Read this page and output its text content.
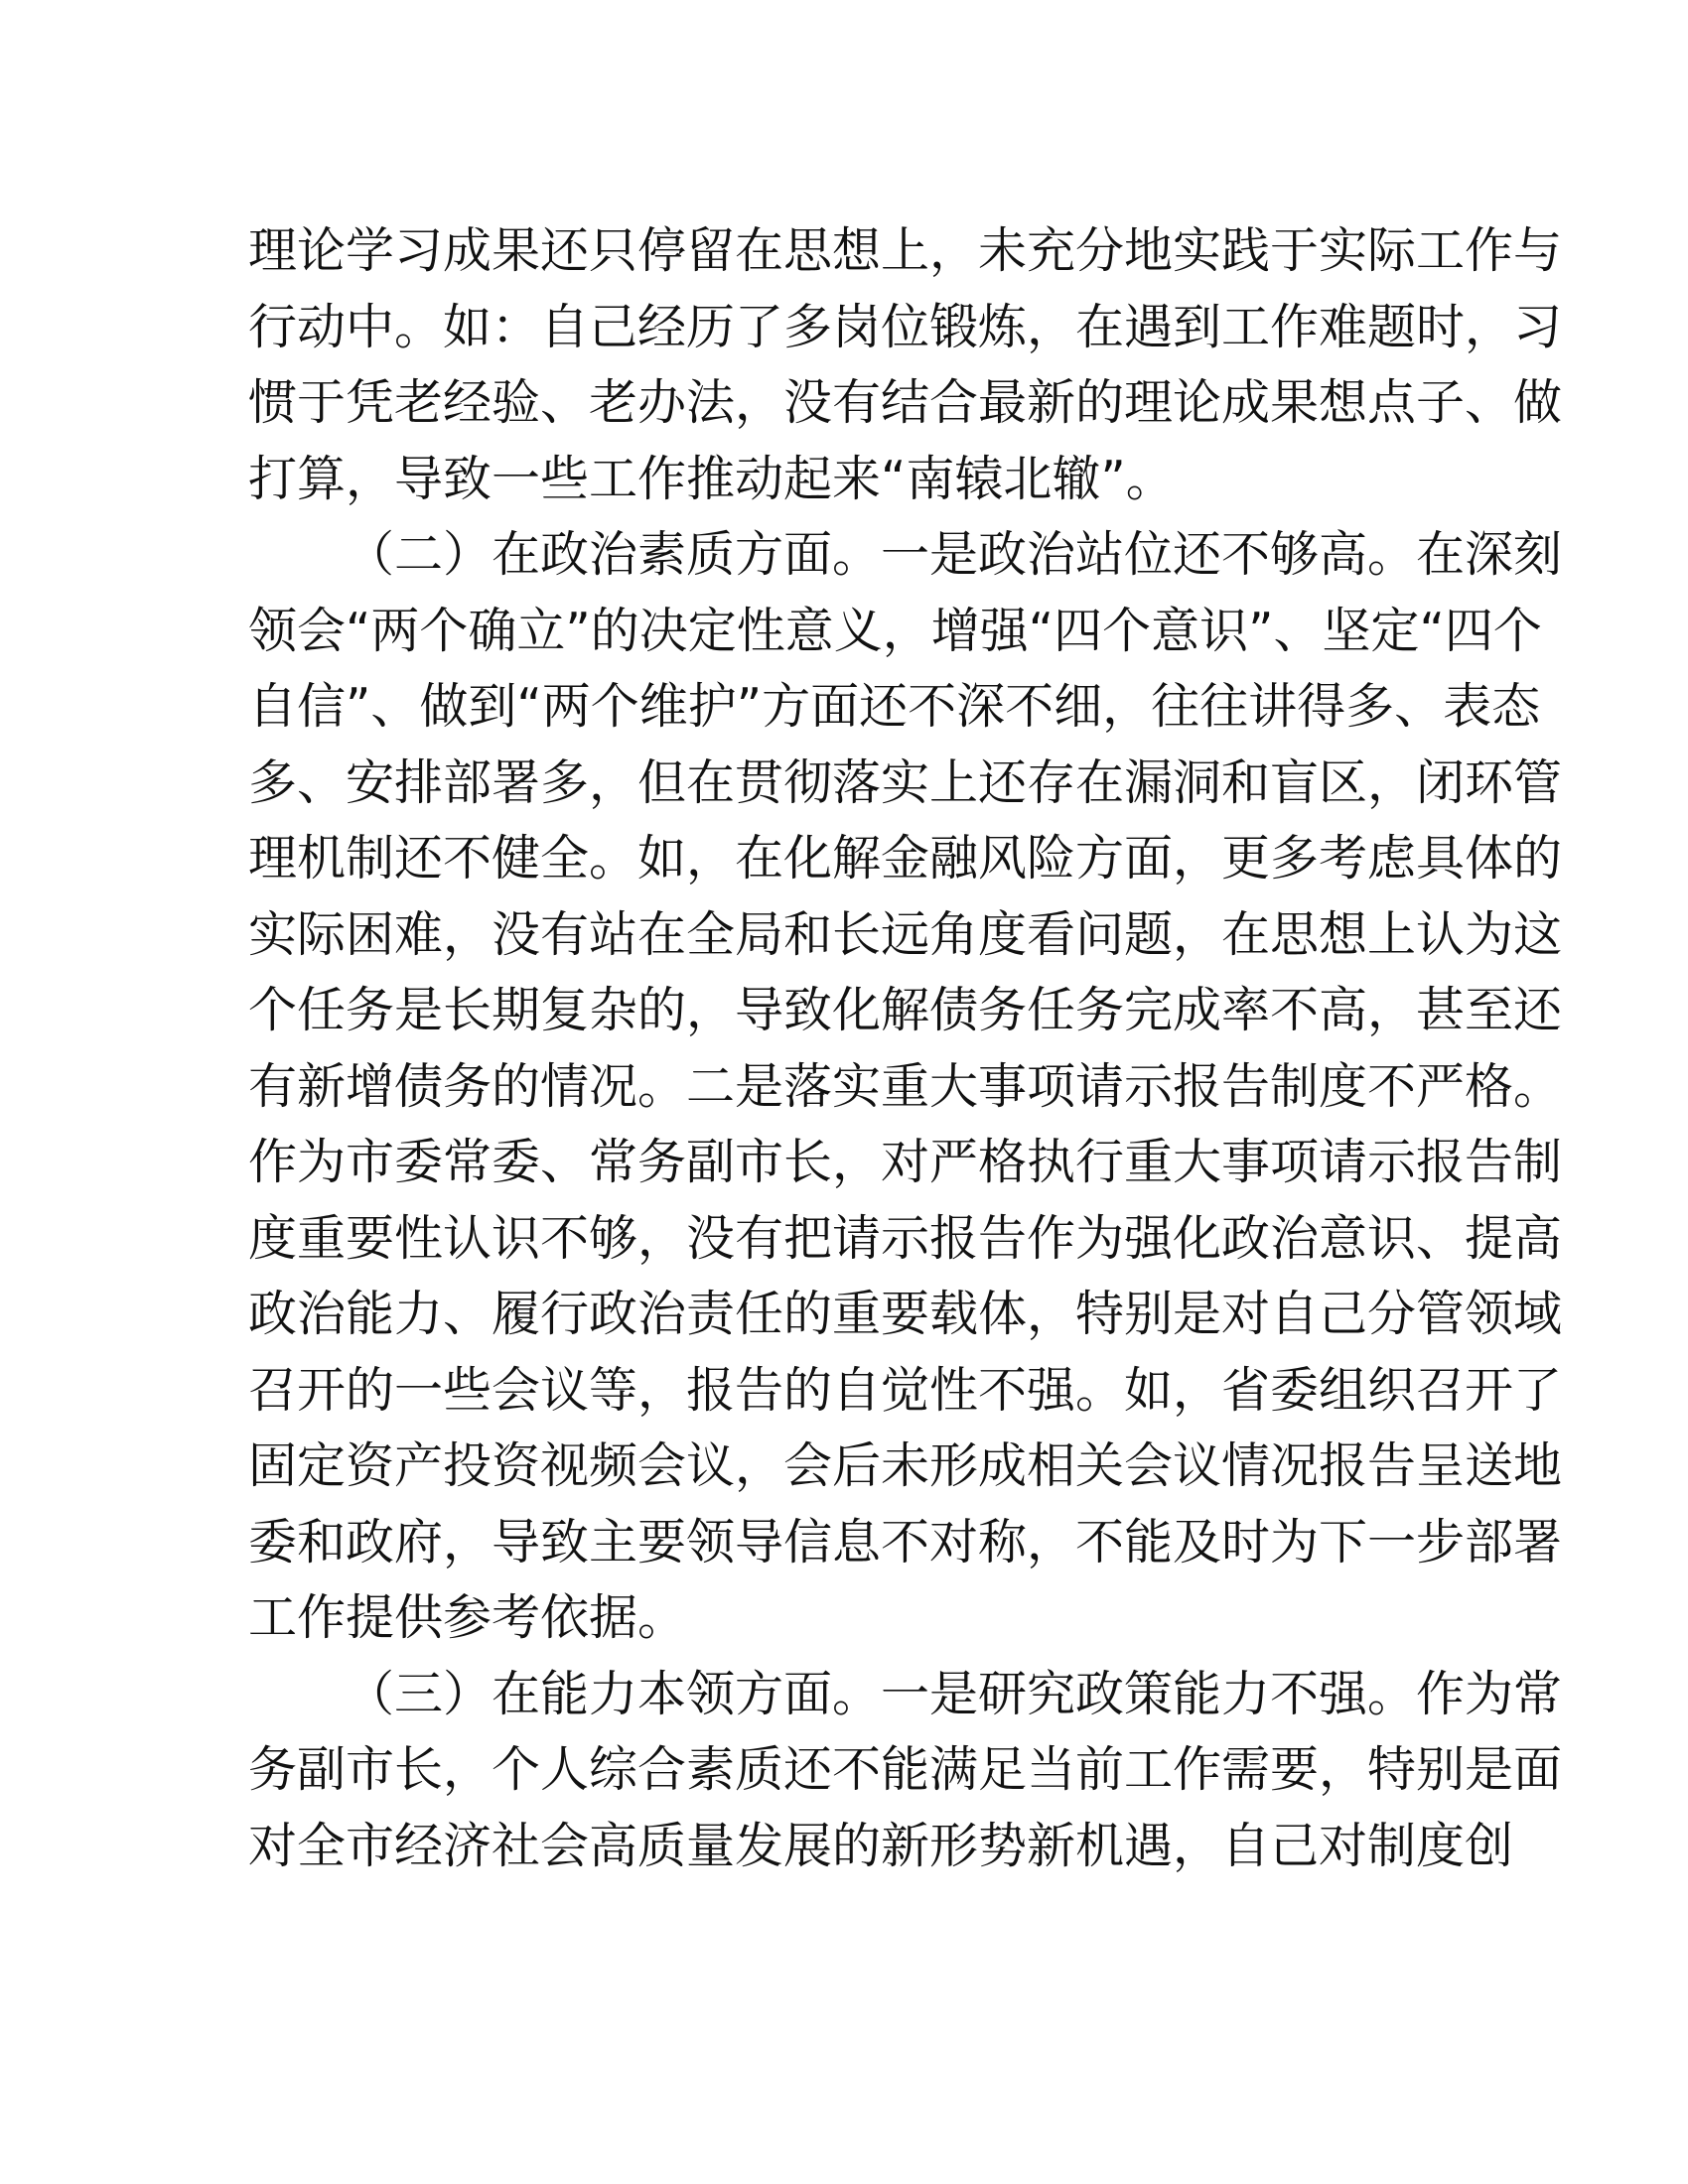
理论学习成果还只停留在思想上，未充分地实践于实际工作与
行动中。如：自己经历了多岗位锻炼，在遇到工作难题时，习
惯于凭老经验、老办法，没有结合最新的理论成果想点子、做
打算，导致一些工作推动起来“南辕北辙”。
（二）在政治素质方面。一是政治站位还不够高。在深刻
领会“两个确立”的决定性意义，增强“四个意识”、坚定“四个
自信”、做到“两个维护”方面还不深不细，往往讲得多、表态
多、安排部署多，但在贯彻落实上还存在漏洞和盲区，闭环管
理机制还不健全。如，在化解金融风险方面，更多考虑具体的
实际困难，没有站在全局和长远角度看问题，在思想上认为这
个任务是长期复杂的，导致化解债务任务完成率不高，甚至还
有新增债务的情况。二是落实重大事项请示报告制度不严格。
作为市委常委、常务副市长，对严格执行重大事项请示报告制
度重要性认识不够，没有把请示报告作为强化政治意识、提高
政治能力、履行政治责任的重要载体，特别是对自己分管领域
召开的一些会议等，报告的自觉性不强。如，省委组织召开了
固定资产投资视频会议，会后未形成相关会议情况报告呈送地
委和政府，导致主要领导信息不对称，不能及时为下一步部署
工作提供参考依据。
（三）在能力本领方面。一是研究政策能力不强。作为常
务副市长，个人综合素质还不能满足当前工作需要，特别是面
对全市经济社会高质量发展的新形势新机遇，自己对制度创
